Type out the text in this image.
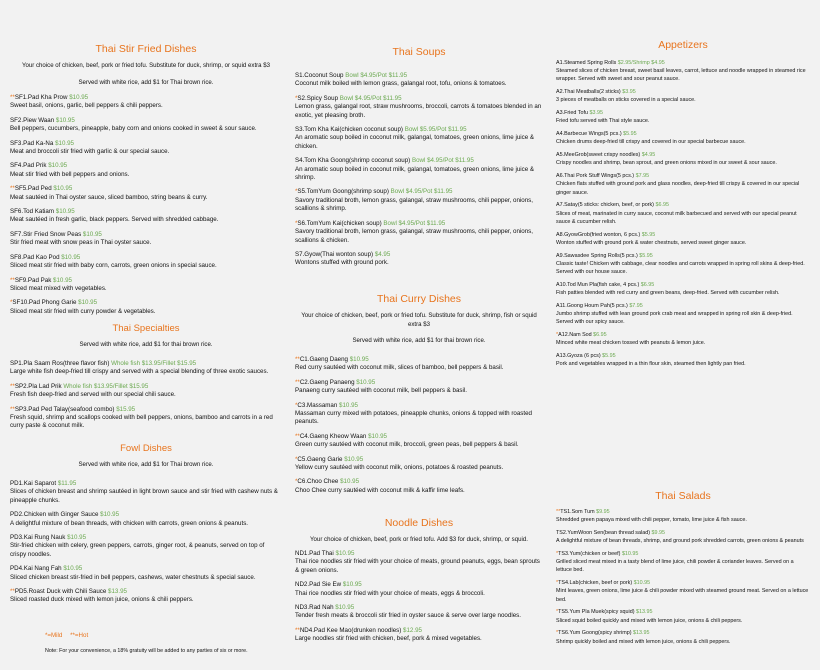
Thai Stir Fried Dishes

Your choice of chicken, beef, pork or fried tofu. Substitute for duck, shrimp, or squid extra $3

Served with white rice, add $1 for Thai brown rice.

**SF1.Pad Kha Prow $10.95
Sweet basil, onions, garlic, bell peppers & chili peppers.
SF2.Piew Waan $10.95
Bell peppers, cucumbers, pineapple, baby corn and onions cooked in sweet & sour sauce.
SF3.Pad Ka-Na $10.95
Meat and broccoli stir fried with garlic & our special sauce.
SF4.Pad Prik $10.95
Meat stir fried with bell peppers and onions.
**SF5.Pad Ped $10.95
Meat sautéed in Thai oyster sauce, sliced bamboo, string beans & curry.
SF6.Tod Katiam $10.95
Meat sautéed in fresh garlic, black peppers. Served with shredded cabbage.
SF7.Stir Fried Snow Peas $10.95
Stir fried meat with snow peas in Thai oyster sauce.
SF8.Pad Kao Pod $10.95
Sliced meat stir fried with baby corn, carrots, green onions in special sauce.
**SF9.Pad Pak $10.95
Sliced meat mixed with vegetables.
*SF10.Pad Phong Garie $10.95
Sliced meat stir fried with curry powder & vegetables.
Thai Specialties

Served with white rice, add $1 for thai brown rice.

SP1.Pla Saam Ros(three flavor fish) Whole fish $13.95/Fillet $15.95
Large white fish deep-fried till crispy and served with a special blending of three exotic sauces.
**SP2.Pla Lad Prik Whole fish $13.95/Fillet $15.95
Fresh fish deep-fried and served with our special chili sauce.
**SP3.Pad Ped Talay(seafood combo) $15.95
Fresh squid, shrimp and scallops cooked with bell peppers, onions, bamboo and carrots in a red curry paste & coconut milk.
Fowl Dishes

Served with white rice, add $1 for Thai brown rice.

PD1.Kai Saparot $11.95
Slices of chicken breast and shrimp sautéed in light brown sauce and stir fried with cashew nuts & pineapple chunks.
PD2.Chicken with Ginger Sauce $10.95
A delightful mixture of bean threads, with chicken with carrots, green onions & peanuts.
PD3.Kai Rung Nauk $10.95
Stir-fried chicken with celery, green peppers, carrots, ginger root, & peanuts, served on top of crispy noodles.
PD4.Kai Nang Fah $10.95
Sliced chicken breast stir-fried in bell peppers, cashews, water chestnuts & special sauce.
**PD5.Roast Duck with Chili Sauce $13.95
Sliced roasted duck mixed with lemon juice, onions & chili peppers.

*=Mild **=Hot

Note: For your convenience, a 18% gratuity will be added to any parties of six or more.

Thai Soups
S1.Coconut Soup Bowl $4.95/Pot $11.95
Coconut milk boiled with lemon grass, galangal root, tofu, onions & tomatoes.
*S2.Spicy Soup Bowl $4.95/Pot $11.95
Lemon grass, galangal root, straw mushrooms, broccoli, carrots & tomatoes blended in an exotic, yet pleasing broth.
S3.Tom Kha Kai(chicken coconut soup) Bowl $5.95/Pot $11.95
An aromatic soup boiled in coconut milk, galangal, tomatoes, green onions, lime juice & chicken.
S4.Tom Kha Goong(shrimp coconut soup) Bowl $4.95/Pot $11.95
An aromatic soup boiled in coconut milk, galangal, tomatoes, green onions, lime juice & shrimp.
*S5.TomYum Goong(shrimp soup) Bowl $4.95/Pot $11.95
Savory traditional broth, lemon grass, galangal, straw mushrooms, chili pepper, onions, scallions & shrimp.
*S6.TomYum Kai(chicken soup) Bowl $4.95/Pot $11.95
Savory traditional broth, lemon grass, galangal, straw mushrooms, chili pepper, onions, scallions & chicken.
S7.Gyow(Thai wonton soup) $4.95
Wontons stuffed with ground pork.
Thai Curry Dishes

Your choice of chicken, beef, pork or fried tofu. Substitute for duck, shrimp, fish or squid extra $3

Served with white rice, add $1 for thai brown rice.

**C1.Gaeng Daeng $10.95
Red curry sautéed with coconut milk, slices of bamboo, bell peppers & basil.
**C2.Gaeng Panaeng $10.95
Panaeng curry sautéed with coconut milk, bell peppers & basil.
*C3.Massaman $10.95
Massaman curry mixed with potatoes, pineapple chunks, onions & topped with roasted peanuts.
**C4.Gaeng Kheow Waan $10.95
Green curry sautéed with coconut milk, broccoli, green peas, bell peppers & basil.
*C5.Gaeng Garie $10.95
Yellow curry sautéed with coconut milk, onions, potatoes & roasted peanuts.
*C6.Choo Chee $10.95
Choo Chee curry sautéed with coconut milk & kaffir lime leafs.
Noodle Dishes

Your choice of chicken, beef, pork or fried tofu. Add $3 for duck, shrimp, or squid.

ND1.Pad Thai $10.95
Thai rice noodles stir fried with your choice of meats, ground peanuts, eggs, bean sprouts & green onions.
ND2.Pad Sie Ew $10.95
Thai rice noodles stir fried with your choice of meats, eggs & broccoli.
ND3.Rad Nah $10.95
Tender fresh meats & broccoli stir fried in oyster sauce & serve over large noodles.
**ND4.Pad Kee Mao(drunken noodles) $12.95
Large noodles stir fried with chicken, beef, pork & mixed vegetables.
Appetizers
A1.Steamed Spring Rolls $2.95/Shrimp $4.95
Steamed slices of chicken breast, sweet basil leaves, carrot, lettuce and noodle wrapped in steamed rice wrapper. Served with sweet and sour peanut sauce.
A2.Thai Meatballs(2 sticks) $3.95
3 pieces of meatballs on sticks covered in a special sauce.
A3.Fried Tofu $3.95
Fried tofu served with Thai style sauce.
A4.Barbecue Wings(5 pcs.) $5.95
Chicken drums deep-fried till crispy and covered in our special barbecue sauce.
A5.MeeGrob(sweet crispy noodles) $4.95
Crispy noodles and shrimp, bean sprout, and green onions mixed in our sweet & sour sauce.
A6.Thai Pork Stuff Wings(5 pcs.) $7.95
Chicken flats stuffed with ground pork and glass noodles, deep-fried till crispy & covered in our special ginger sauce.
A7.Satay(5 sticks: chicken, beef, or pork) $6.95
Slices of meat, marinated in curry sauce, coconut milk barbecued and served with our special peanut sauce & cucumber relish.
A8.GyowGrob(fried wonton, 6 pcs.) $5.95
Wonton stuffed with ground pork & water chestnuts, served sweet ginger sauce.
A9.Sawasdee Spring Rolls(5 pcs.) $5.95
Classic taste! Chicken with cabbage, clear noodles and carrots wrapped in spring roll skins & deep-fried. Served with our house sauce.
A10.Tod Mun Pla(fish cake, 4 pcs.) $6.95
Fish patties blended with red curry and green beans, deep-fried. Served with cucumber relish.
A11.Goong Houm Pah(5 pcs.) $7.95
Jumbo shrimp stuffed with lean ground pork crab meat and wrapped in spring roll skin & deep-fried. Served with our spicy sauce.
*A12.Nam Sod $6.95
Minced white meat chicken tossed with peanuts & lemon juice.
A13.Gyoza (6 pcs) $5.95
Pork and vegetables wrapped in a thin flour skin, steamed then lightly pan fried.
Thai Salads
**TS1.Som Tum $9.95
Shredded green papaya mixed with chili pepper, tomato, lime juice & fish sauce.
TS2.YumWoon Sen(bean thread salad) $9.95
A delightful mixture of bean threads, shrimp, and ground pork shredded carrots, green onions & peanuts
*TS3.Yum(chicken or beef) $10.95
Grilled sliced meat mixed in a tasty blend of lime juice, chili powder & coriander leaves. Served on a lettuce bed.
*TS4.Lab(chicken, beef or pork) $10.95
Mint leaves, green onions, lime juice & chili powder mixed with steamed ground meat. Served on a lettuce bed.
*TS5.Yum Pla Muek(spicy squid) $13.95
Sliced squid boiled quickly and mixed with lemon juice, onions & chili peppers.
*TS6.Yum Goong(spicy shrimp) $13.95
Shrimp quickly boiled and mixed with lemon juice, onions & chili peppers.
